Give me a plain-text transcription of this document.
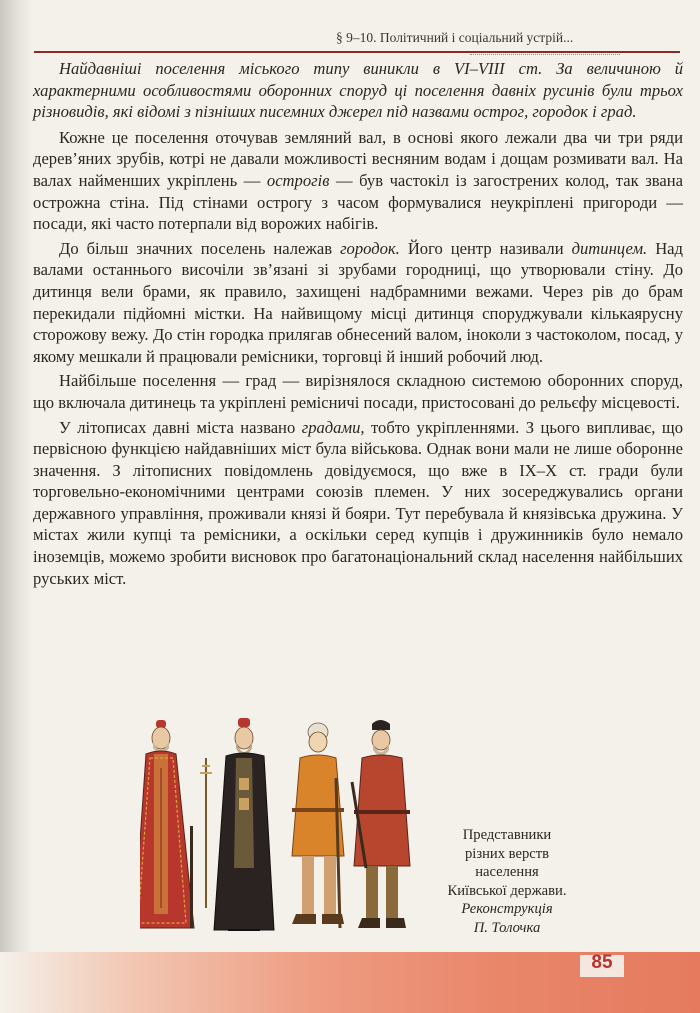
§ 9–10. Політичний і соціальний устрій...

Найдавніші поселення міського типу виникли в VI–VIII ст. За величиною й характерними особливостями оборонних споруд ці поселення давніх русинів були трьох різновидів, які відомі з пізніших писемних джерел під назвами острог, городок і град.

Кожне це поселення оточував земляний вал, в основі якого лежали два чи три ряди дерев’яних зрубів, котрі не давали можливості весняним водам і дощам розмивати вал. На валах найменших укріплень — острогів — був частокіл із загострених колод, так звана острожна стіна. Під стінами острогу з часом формувалися неукріплені пригороди — посади, які часто потерпали від ворожих набігів.

До більш значних поселень належав городок. Його центр називали дитинцем. Над валами останнього височіли зв’язані зі зрубами городниці, що утворювали стіну. До дитинця вели брами, як правило, захищені надбрамними вежами. Через рів до брам перекидали підйомні містки. На найвищому місці дитинця споруджували кількаярусну сторожову вежу. До стін городка прилягав обнесений валом, іноколи з частоколом, посад, у якому мешкали й працювали ремісники, торговці й інший робочий люд.

Найбільше поселення — град — вирізнялося складною системою оборонних споруд, що включала дитинець та укріплені ремісничі посади, пристосовані до рельєфу місцевості.

У літописах давні міста названо градами, тобто укріпленнями. З цього випливає, що первісною функцією найдавніших міст була військова. Однак вони мали не лише оборонне значення. З літописних повідомлень довідуємося, що вже в IX–X ст. гради були торговельно-економічними центрами союзів племен. У них зосереджувались органи державного управління, проживали князі й бояри. Тут перебувала й князівська дружина. У містах жили купці та ремісники, а оскільки серед купців і дружинників було немало іноземців, можемо зробити висновок про багатонаціональний склад населення найбільших руських міст.

Представники
різних верств
населення
Київської держави.
Реконструкція
П. Толочка
85
